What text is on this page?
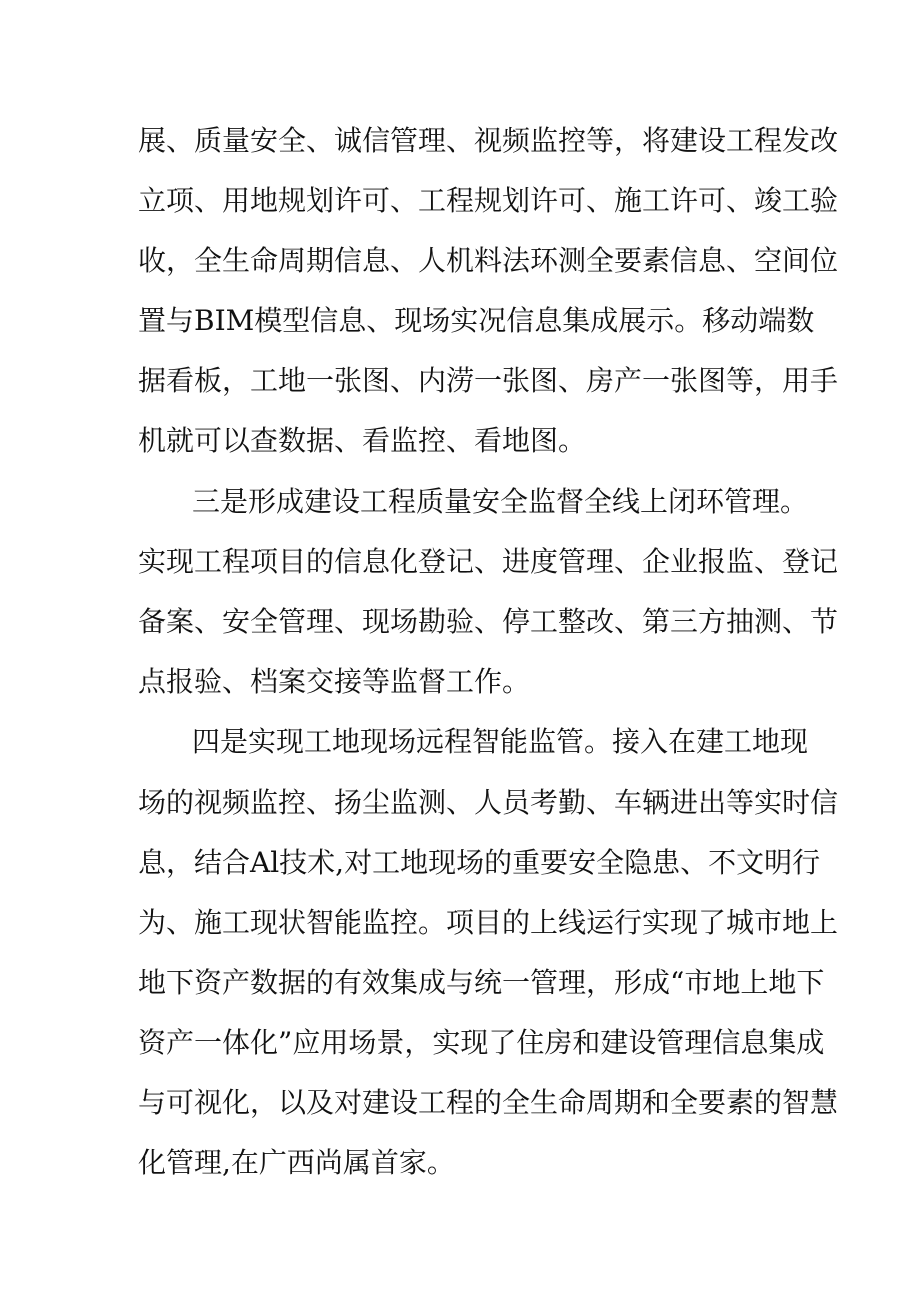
展、质量安全、诚信管理、视频监控等，将建设工程发改
立项、用地规划许可、工程规划许可、施工许可、竣工验
收，全生命周期信息、人机料法环测全要素信息、空间位
置与BIM模型信息、现场实况信息集成展示。移动端数
据看板，工地一张图、内涝一张图、房产一张图等，用手
机就可以查数据、看监控、看地图。
三是形成建设工程质量安全监督全线上闭环管理。
实现工程项目的信息化登记、进度管理、企业报监、登记
备案、安全管理、现场勘验、停工整改、第三方抽测、节
点报验、档案交接等监督工作。
四是实现工地现场远程智能监管。接入在建工地现
场的视频监控、扬尘监测、人员考勤、车辆进出等实时信
息，结合Al技术,对工地现场的重要安全隐患、不文明行
为、施工现状智能监控。项目的上线运行实现了城市地上
地下资产数据的有效集成与统一管理，形成“市地上地下
资产一体化”应用场景，实现了住房和建设管理信息集成
与可视化，以及对建设工程的全生命周期和全要素的智慧
化管理,在广西尚属首家。
